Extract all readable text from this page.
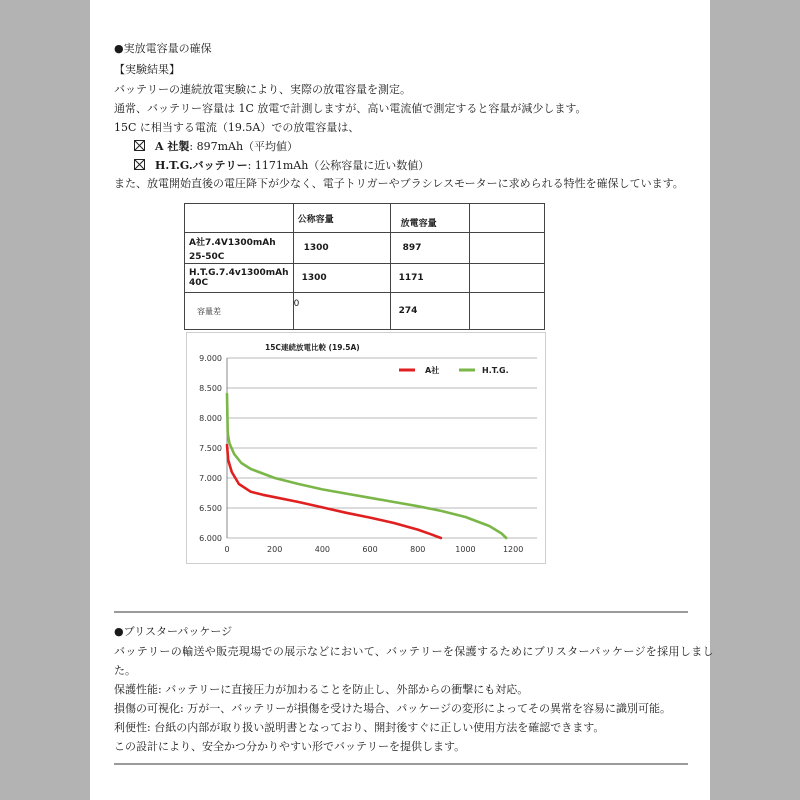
●実放電容量の確保
【実験結果】
バッテリーの連続放電実験により、実際の放電容量を測定。
通常、バッテリー容量は 1C 放電で計測しますが、高い電流値で測定すると容量が減少します。
15C に相当する電流（19.5A）での放電容量は、
A 社製: 897mAh（平均値）
H.T.G.バッテリー: 1171mAh（公称容量に近い数値）
また、放電開始直後の電圧降下が少なく、電子トリガーやブラシレスモーターに求められる特性を確保しています。
	公称容量	放電容量	
A社7.4V1300mAh
25-50C	1300	897	
H.T.G.7.4v1300mAh
40C	1300	1171	
容量差	0	274	
6.000
6.500
7.000
7.500
8.000
8.500
9.000
0	200	400	600	800	1000	1200
15C連続放電比較 (19.5A)
A社	H.T.G.
●ブリスターパッケージ
バッテリーの輸送や販売現場での展示などにおいて、バッテリーを保護するためにブリスターパッケージを採用しまし
た。
保護性能: バッテリーに直接圧力が加わることを防止し、外部からの衝撃にも対応。
損傷の可視化: 万が一、バッテリーが損傷を受けた場合、パッケージの変形によってその異常を容易に識別可能。
利便性: 台紙の内部が取り扱い説明書となっており、開封後すぐに正しい使用方法を確認できます。
この設計により、安全かつ分かりやすい形でバッテリーを提供します。
